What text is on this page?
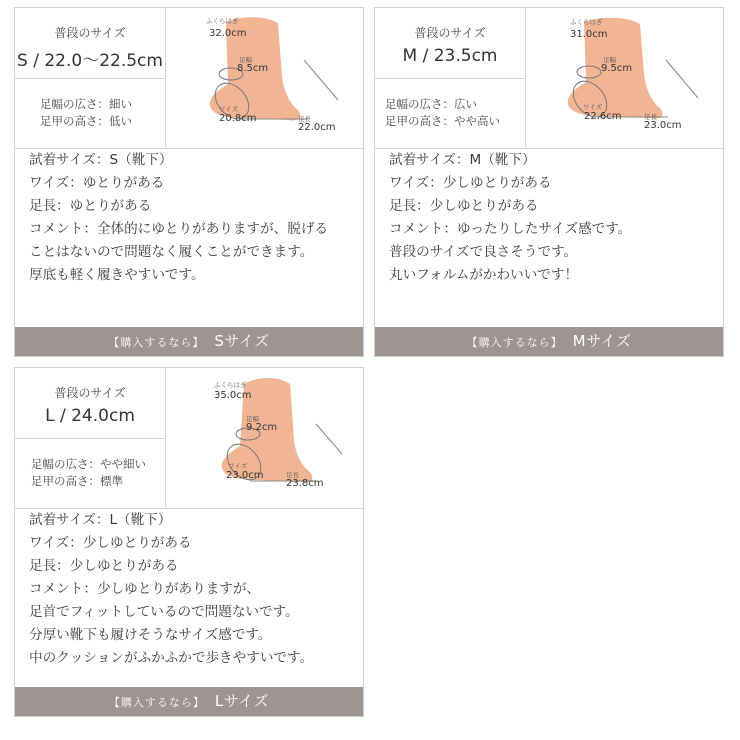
普段のサイズ
S / 22.0〜22.5cm
足幅の広さ：細い
足甲の高さ：低い
ふくらはぎ
32.0cm
足幅
8.5cm
ワイズ
20.8cm	足長
22.0cm
試着サイズ：S（靴下）
ワイズ：ゆとりがある
足長：ゆとりがある
コメント：全体的にゆとりがありますが、脱げる
ことはないので問題なく履くことができます。
厚底も軽く履きやすいです。
【購入するなら】 Sサイズ
普段のサイズ
M / 23.5cm
足幅の広さ：広い
足甲の高さ：やや高い
ふくらはぎ
31.0cm
足幅
9.5cm
ワイズ
22.6cm	足長
23.0cm
試着サイズ：M（靴下）
ワイズ：少しゆとりがある
足長：少しゆとりがある
コメント：ゆったりしたサイズ感です。
普段のサイズで良さそうです。
丸いフォルムがかわいいです！
【購入するなら】 Mサイズ
普段のサイズ
L / 24.0cm
足幅の広さ：やや細い
足甲の高さ：標準
ふくらはぎ
35.0cm
足幅
9.2cm
ワイズ
23.0cm	足長
23.8cm
試着サイズ：L（靴下）
ワイズ：少しゆとりがある
足長：少しゆとりがある
コメント：少しゆとりがありますが、
足首でフィットしているので問題ないです。
分厚い靴下も履けそうなサイズ感です。
中のクッションがふかふかで歩きやすいです。
【購入するなら】 Lサイズ
